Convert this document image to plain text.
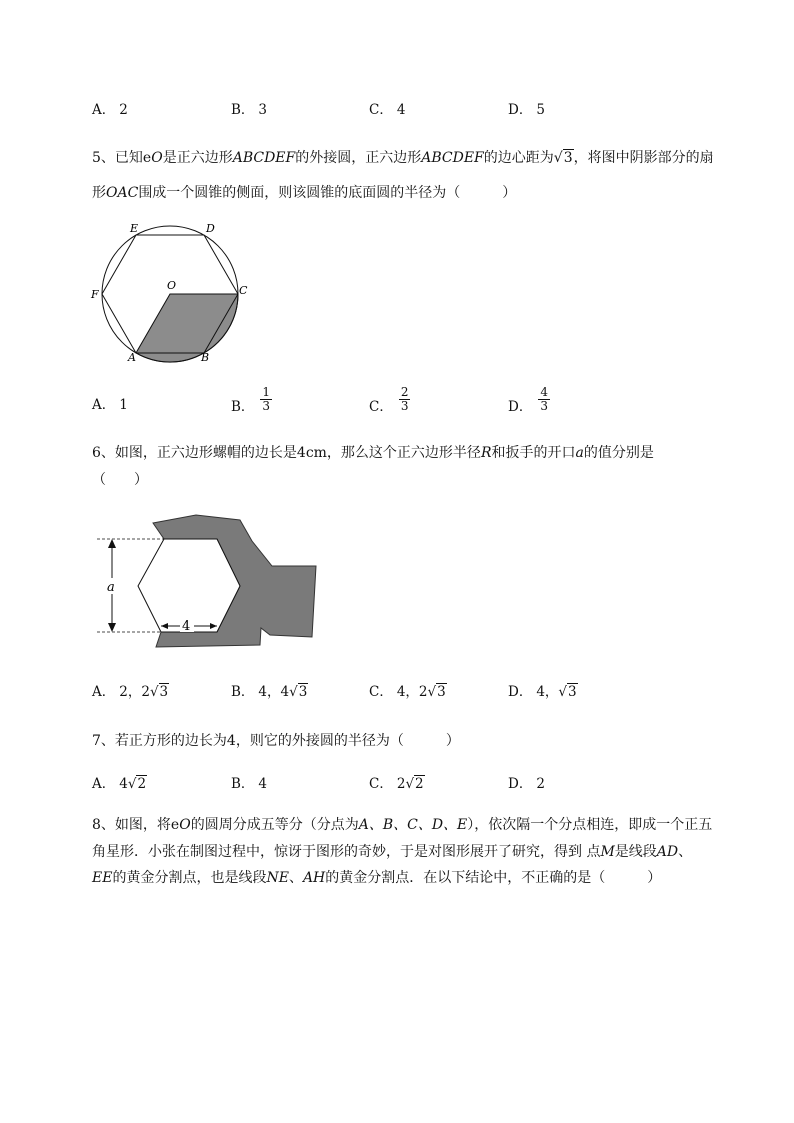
A． 2	B． 3	C． 4	D． 5
5、已知eO是正六边形ABCDEF的外接圆，正六边形ABCDEF的边心距为√3，将图中阴影部分的扇
形OAC围成一个圆锥的侧面，则该圆锥的底面圆的半径为（　　　）
E	D
F
O	C
A	B
A． 1	B． $\frac{1}{3}$	C． $\frac{2}{3}$	D． $\frac{4}{3}$
6、如图，正六边形螺帽的边长是4cm，那么这个正六边形半径R和扳手的开口a的值分别是
（　　）
a
4
A． 2，2√3	B． 4，4√3	C． 4，2√3	D． 4，√3
7、若正方形的边长为4，则它的外接圆的半径为（　　　）
A． 4√2	B． 4	C． 2√2	D． 2
8、如图，将eO的圆周分成五等分（分点为A、B、C、D、E），依次隔一个分点相连，即成一个正五
角星形．小张在制图过程中，惊讶于图形的奇妙，于是对图形展开了研究，得到 点M是线段AD、
EE的黄金分割点，也是线段NE、AH的黄金分割点．在以下结论中，不正确的是（　　　）
